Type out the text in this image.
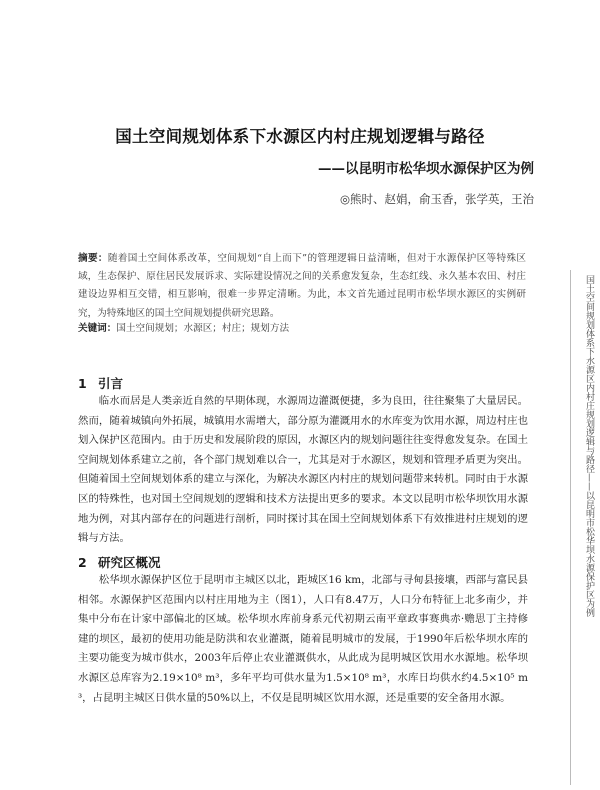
国土空间规划体系下水源区内村庄规划逻辑与路径
——以昆明市松华坝水源保护区为例
◎熊时、赵娟，俞玉香，张学英，王治
摘要：随着国土空间体系改革，空间规划“自上而下”的管理逻辑日益清晰，但对于水源保护区等特殊区域，生态保护、原住居民发展诉求、实际建设情况之间的关系愈发复杂，生态红线、永久基本农田、村庄建设边界相互交错，相互影响，很难一步界定清晰。为此，本文首先通过昆明市松华坝水源区的实例研究，为特殊地区的国土空间规划提供研究思路。
关键词：国土空间规划；水源区；村庄；规划方法
1 引言
临水而居是人类亲近自然的早期体现，水源周边灌溉便捷，多为良田，往往聚集了大量居民。然而，随着城镇向外拓展，城镇用水需增大，部分原为灌溉用水的水库变为饮用水源，周边村庄也划入保护区范围内。由于历史和发展阶段的原因，水源区内的规划问题往往变得愈发复杂。在国土空间规划体系建立之前，各个部门规划难以合一，尤其是对于水源区，规划和管理矛盾更为突出。但随着国土空间规划体系的建立与深化，为解决水源区内村庄的规划问题带来转机。同时由于水源区的特殊性，也对国土空间规划的逻辑和技术方法提出更多的要求。本文以昆明市松华坝饮用水源地为例，对其内部存在的问题进行剖析，同时探讨其在国土空间规划体系下有效推进村庄规划的逻辑与方法。
2 研究区概况
松华坝水源保护区位于昆明市主城区以北，距城区16 km，北部与寻甸县接壤，西部与富民县相邻。水源保护区范围内以村庄用地为主（图1），人口有8.47万，人口分布特征上北多南少，并集中分布在计家中部偏北的区域。松华坝水库前身系元代初期云南平章政事赛典赤·赡思丁主持修建的坝区，最初的使用功能是防洪和农业灌溉，随着昆明城市的发展，于1990年后松华坝水库的主要功能变为城市供水，2003年后停止农业灌溉供水，从此成为昆明城区饮用水水源地。松华坝水源区总库容为2.19×10⁸ m³，多年平均可供水量为1.5×10⁸ m³，水库日均供水约4.5×10⁵ m³，占昆明主城区日供水量的50%以上，不仅是昆明城区饮用水源，还是重要的安全备用水源。
国土空间规划体系下水源区内村庄规划逻辑与路径——以昆明市松华坝水源保护区为例
